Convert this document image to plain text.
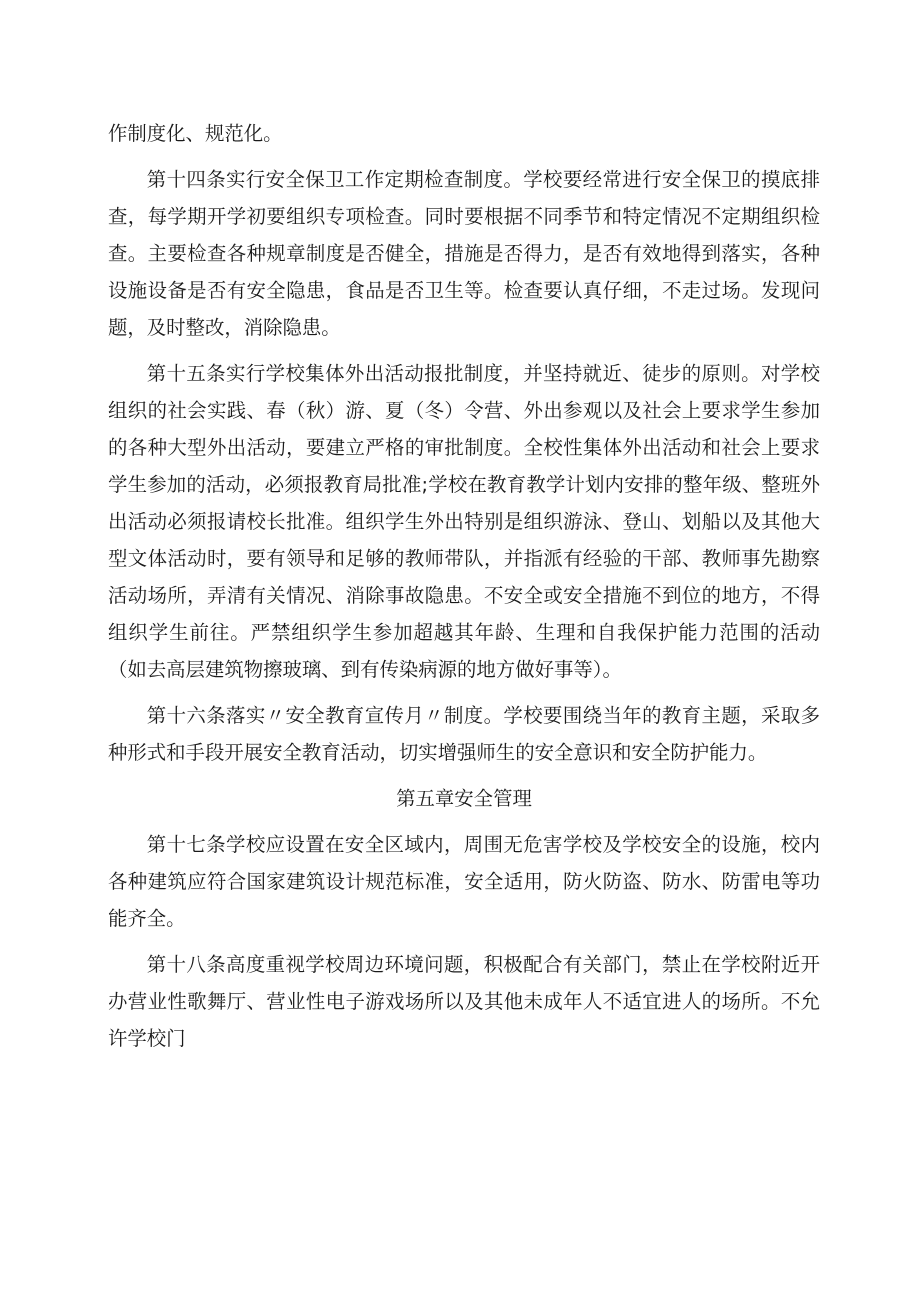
作制度化、规范化。

第十四条实行安全保卫工作定期检查制度。学校要经常进行安全保卫的摸底排查，每学期开学初要组织专项检查。同时要根据不同季节和特定情况不定期组织检查。主要检查各种规章制度是否健全，措施是否得力，是否有效地得到落实，各种设施设备是否有安全隐患，食品是否卫生等。检查要认真仔细，不走过场。发现问题，及时整改，消除隐患。

第十五条实行学校集体外出活动报批制度，并坚持就近、徒步的原则。对学校组织的社会实践、春（秋）游、夏（冬）令营、外出参观以及社会上要求学生参加的各种大型外出活动，要建立严格的审批制度。全校性集体外出活动和社会上要求学生参加的活动，必须报教育局批准;学校在教育教学计划内安排的整年级、整班外出活动必须报请校长批准。组织学生外出特别是组织游泳、登山、划船以及其他大型文体活动时，要有领导和足够的教师带队，并指派有经验的干部、教师事先勘察活动场所，弄清有关情况、消除事故隐患。不安全或安全措施不到位的地方，不得组织学生前往。严禁组织学生参加超越其年龄、生理和自我保护能力范围的活动（如去高层建筑物擦玻璃、到有传染病源的地方做好事等）。

第十六条落实〃安全教育宣传月〃制度。学校要围绕当年的教育主题，采取多种形式和手段开展安全教育活动，切实增强师生的安全意识和安全防护能力。

第五章安全管理

第十七条学校应设置在安全区域内，周围无危害学校及学校安全的设施，校内各种建筑应符合国家建筑设计规范标准，安全适用，防火防盗、防水、防雷电等功能齐全。

第十八条高度重视学校周边环境问题，积极配合有关部门，禁止在学校附近开办营业性歌舞厅、营业性电子游戏场所以及其他未成年人不适宜进人的场所。不允许学校门
